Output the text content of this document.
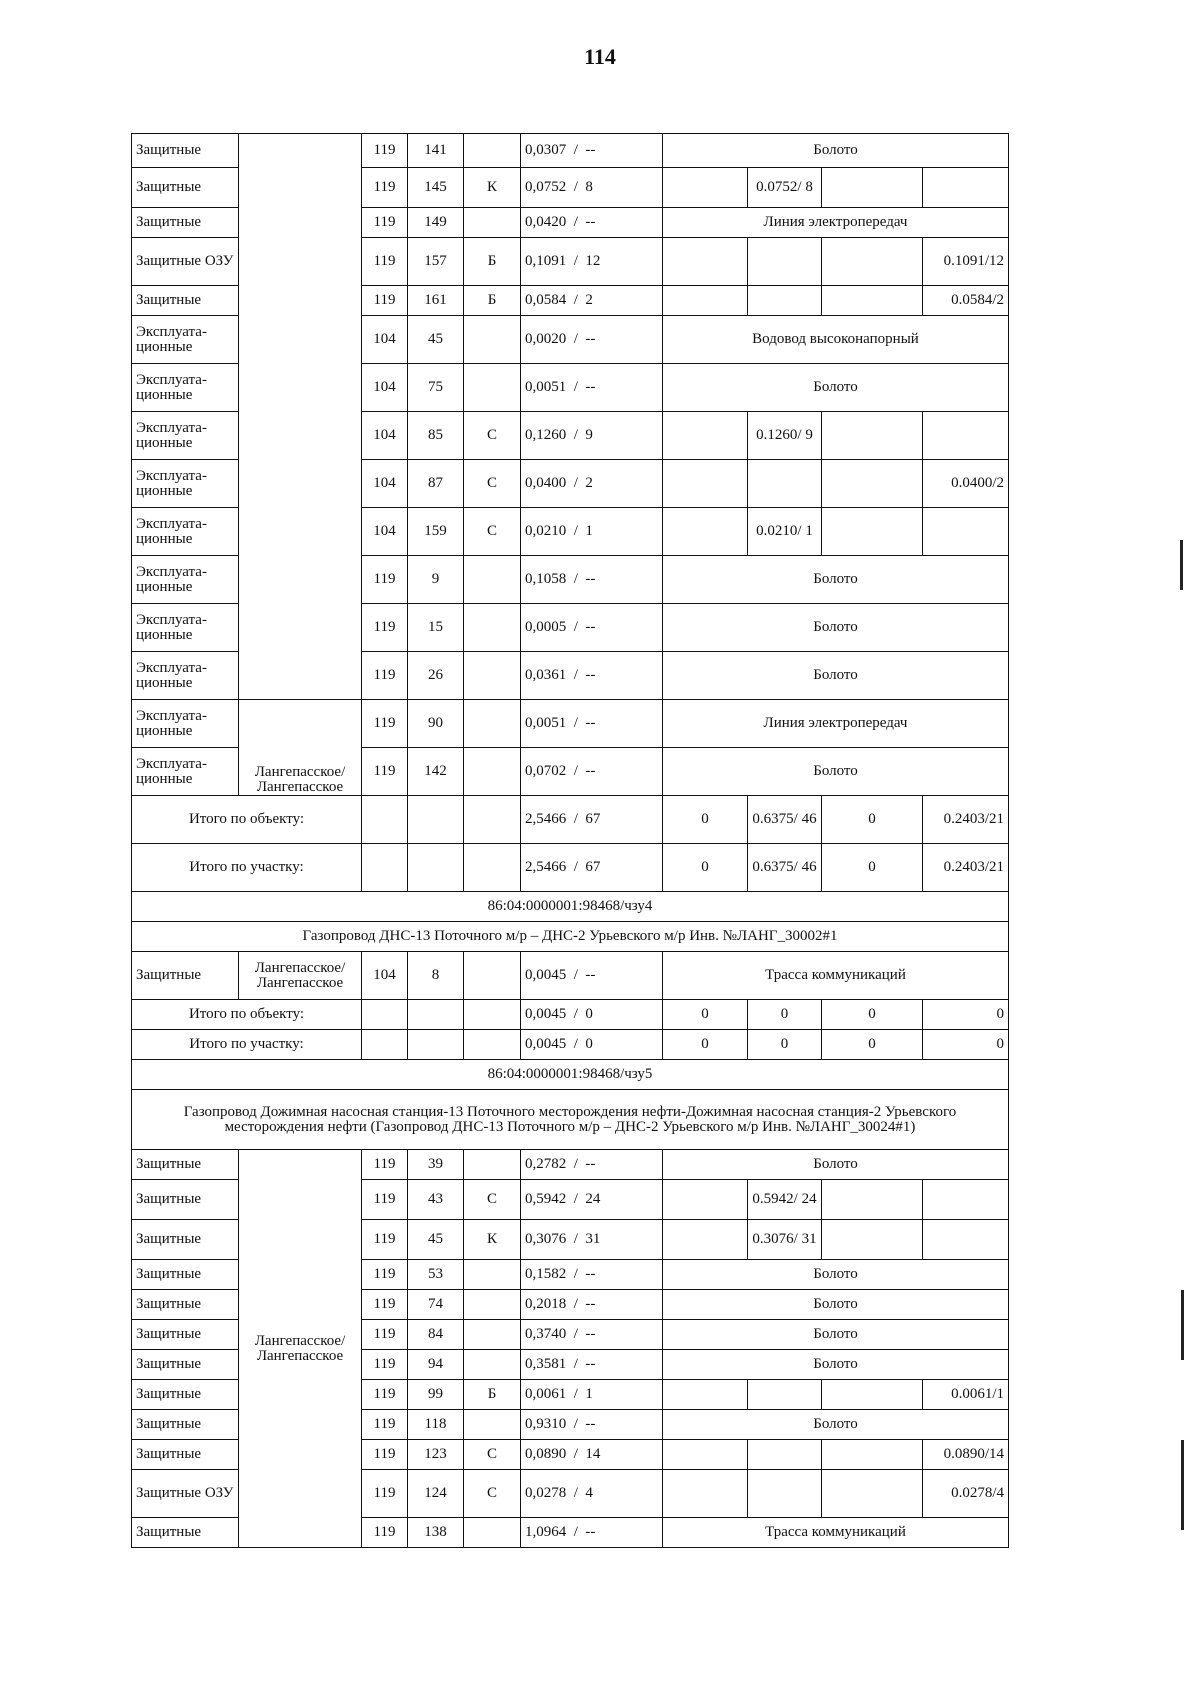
114
Защитные		119	141		0,0307  /  --	Болото			
Защитные		119	145	К	0,0752  /  8		0.0752/ 8		
Защитные		119	149		0,0420  /  --	Линия электропередач			
Защитные ОЗУ		119	157	Б	0,1091  /  12				0.1091/12
Защитные		119	161	Б	0,0584  /  2				0.0584/2
Эксплуата-ционные		104	45		0,0020  /  --	Водовод высоконапорный			
Эксплуата-ционные		104	75		0,0051  /  --	Болото			
Эксплуата-ционные		104	85	С	0,1260  /  9		0.1260/ 9		
Эксплуата-ционные		104	87	С	0,0400  /  2				0.0400/2
Эксплуата-ционные		104	159	С	0,0210  /  1		0.0210/ 1		
Эксплуата-ционные		119	9		0,1058  /  --	Болото			
Эксплуата-ционные		119	15		0,0005  /  --	Болото			
Эксплуата-ционные		119	26		0,0361  /  --	Болото			
Эксплуата-ционные	Лангепасское/ Лангепасское	119	90		0,0051  /  --	Линия электропередач			
Эксплуата-ционные		119	142		0,0702  /  --	Болото			
Итого по объекту:					2,5466  /  67	0	0.6375/ 46	0	0.2403/21
Итого по участку:					2,5466  /  67	0	0.6375/ 46	0	0.2403/21
86:04:0000001:98468/чзу4									
Газопровод ДНС-13 Поточного м/р – ДНС-2 Урьевского м/р Инв. №ЛАНГ_30002#1									
Защитные	Лангепасское/ Лангепасское	104	8		0,0045  /  --	Трасса коммуникаций			
Итого по объекту:					0,0045  /  0	0	0	0	0
Итого по участку:					0,0045  /  0	0	0	0	0
86:04:0000001:98468/чзу5									
Газопровод Дожимная насосная станция-13 Поточного месторождения нефти-Дожимная насосная станция-2 Урьевского месторождения нефти (Газопровод ДНС-13 Поточного м/р – ДНС-2 Урьевского м/р Инв. №ЛАНГ_30024#1)									
Защитные	Лангепасское/ Лангепасское	119	39		0,2782  /  --	Болото			
Защитные		119	43	С	0,5942  /  24		0.5942/ 24		
Защитные		119	45	К	0,3076  /  31		0.3076/ 31		
Защитные		119	53		0,1582  /  --	Болото			
Защитные		119	74		0,2018  /  --	Болото			
Защитные		119	84		0,3740  /  --	Болото			
Защитные		119	94		0,3581  /  --	Болото			
Защитные		119	99	Б	0,0061  /  1				0.0061/1
Защитные		119	118		0,9310  /  --	Болото			
Защитные		119	123	С	0,0890  /  14				0.0890/14
Защитные ОЗУ		119	124	С	0,0278  /  4				0.0278/4
Защитные		119	138		1,0964  /  --	Трасса коммуникаций			
